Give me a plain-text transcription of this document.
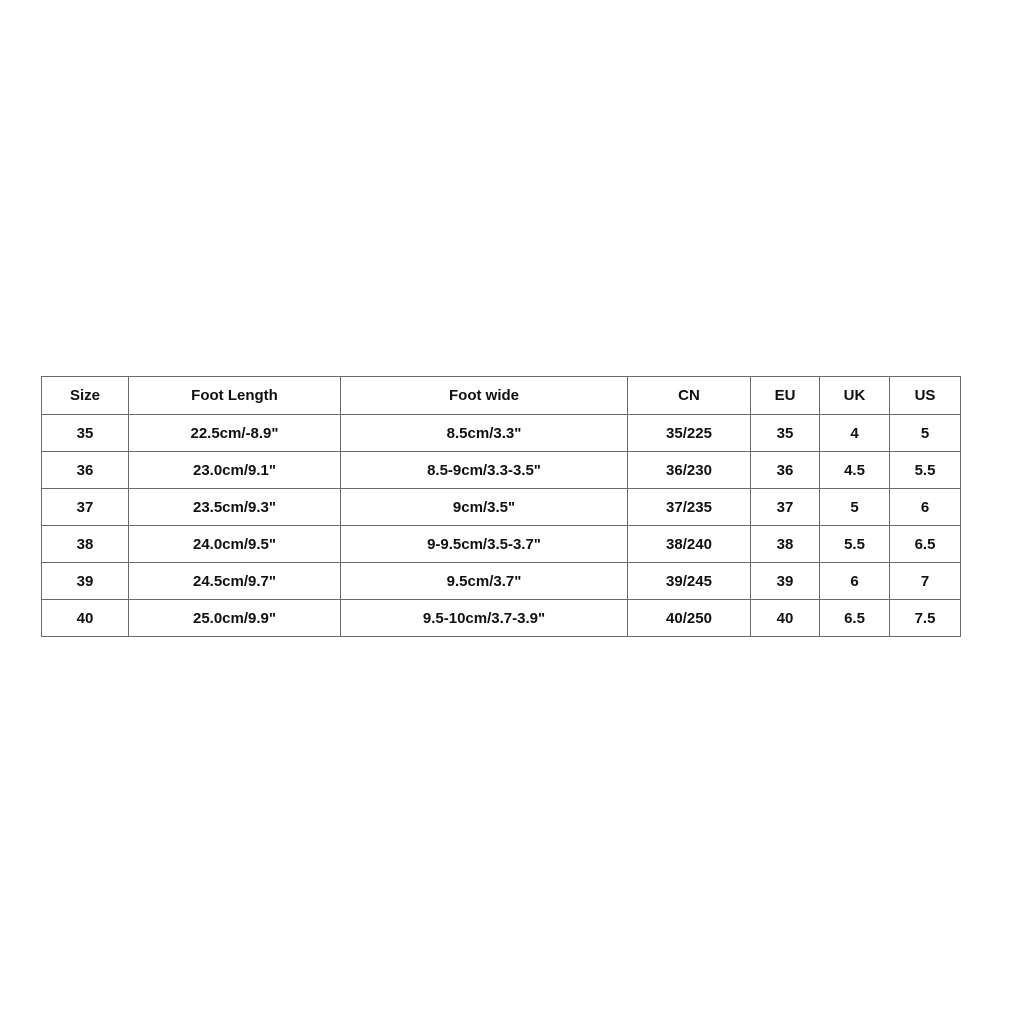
Size	Foot Length	Foot wide	CN	EU	UK	US
35	22.5cm/-8.9"	8.5cm/3.3"	35/225	35	4	5
36	23.0cm/9.1"	8.5-9cm/3.3-3.5"	36/230	36	4.5	5.5
37	23.5cm/9.3"	9cm/3.5"	37/235	37	5	6
38	24.0cm/9.5"	9-9.5cm/3.5-3.7"	38/240	38	5.5	6.5
39	24.5cm/9.7"	9.5cm/3.7"	39/245	39	6	7
40	25.0cm/9.9"	9.5-10cm/3.7-3.9"	40/250	40	6.5	7.5
